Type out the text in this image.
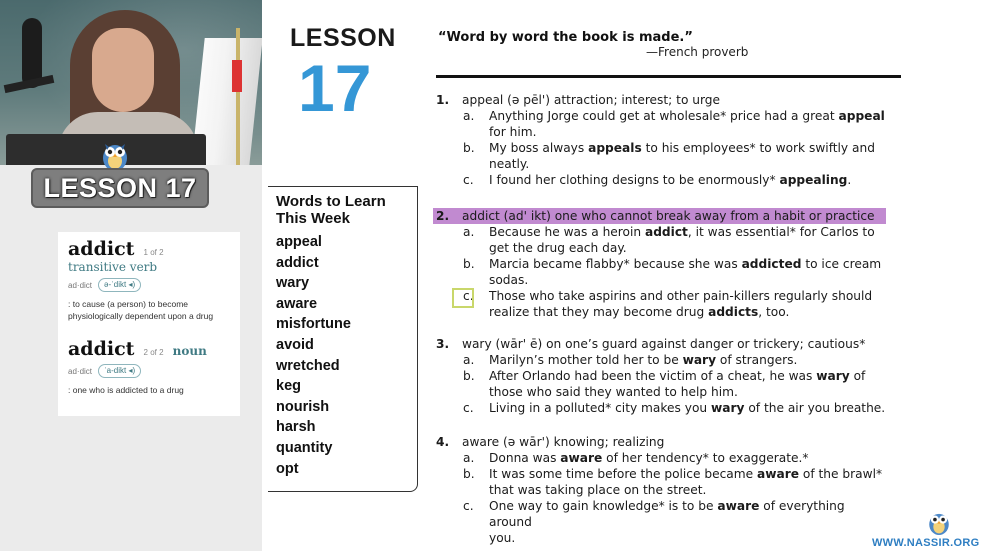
LESSON 17
addict 1 of 2
transitive verb
ad·dict	ə-ˈdikt ◂)
: to cause (a person) to become physiologically dependent upon a drug
addict 2 of 2 noun
ad·dict	ˈa-dikt ◂)
: one who is addicted to a drug
LESSON
17
“Word by word the book is made.”
—French proverb
Words to Learn
This Week
appeal
addict
wary
aware
misfortune
avoid
wretched
keg
nourish
harsh
quantity
opt
1.	appeal (ə pēl') attraction; interest; to urge
a.	Anything Jorge could get at wholesale* price had a great appeal
for him.
b.	My boss always appeals to his employees* to work swiftly and
neatly.
c.	I found her clothing designs to be enormously* appealing.
2.	addict (ad' ikt) one who cannot break away from a habit or practice
a.	Because he was a heroin addict, it was essential* for Carlos to
get the drug each day.
b.	Marcia became flabby* because she was addicted to ice cream
sodas.
c.	Those who take aspirins and other pain-killers regularly should
realize that they may become drug addicts, too.
3.	wary (wār' ē) on one’s guard against danger or trickery; cautious*
a.	Marilyn’s mother told her to be wary of strangers.
b.	After Orlando had been the victim of a cheat, he was wary of
those who said they wanted to help him.
c.	Living in a polluted* city makes you wary of the air you breathe.
4.	aware (ə wār') knowing; realizing
a.	Donna was aware of her tendency* to exaggerate.*
b.	It was some time before the police became aware of the brawl*
that was taking place on the street.
c.	One way to gain knowledge* is to be aware of everything around
you.	WWW.NASSIR.ORG
